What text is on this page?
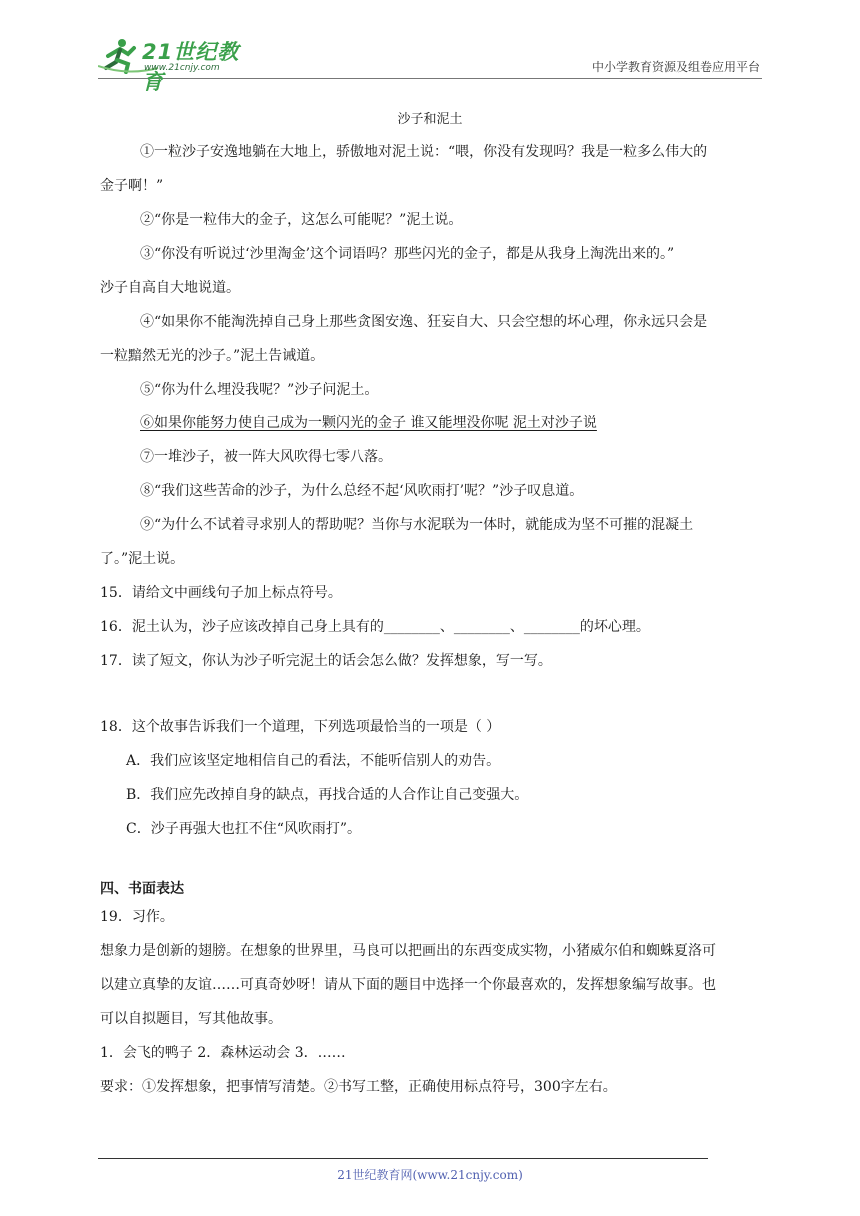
21世纪教育
www.21cnjy.com	中小学教育资源及组卷应用平台
沙子和泥土
①一粒沙子安逸地躺在大地上，骄傲地对泥土说：“喂，你没有发现吗？我是一粒多么伟大的
金子啊！”
②“你是一粒伟大的金子，这怎么可能呢？”泥土说。
③“你没有听说过‘沙里淘金’这个词语吗？那些闪光的金子，都是从我身上淘洗出来的。”
沙子自高自大地说道。
④“如果你不能淘洗掉自己身上那些贪图安逸、狂妄自大、只会空想的坏心理，你永远只会是
一粒黯然无光的沙子。”泥土告诫道。
⑤“你为什么埋没我呢？”沙子问泥土。
⑥如果你能努力使自己成为一颗闪光的金子 谁又能埋没你呢 泥土对沙子说
⑦一堆沙子，被一阵大风吹得七零八落。
⑧“我们这些苦命的沙子，为什么总经不起‘风吹雨打’呢？”沙子叹息道。
⑨“为什么不试着寻求别人的帮助呢？当你与水泥联为一体时，就能成为坚不可摧的混凝土
了。”泥土说。
15．请给文中画线句子加上标点符号。
16．泥土认为，沙子应该改掉自己身上具有的________、________、________的坏心理。
17．读了短文，你认为沙子听完泥土的话会怎么做？发挥想象，写一写。
18．这个故事告诉我们一个道理，下列选项最恰当的一项是（ ）
A．我们应该坚定地相信自己的看法，不能听信别人的劝告。
B．我们应先改掉自身的缺点，再找合适的人合作让自己变强大。
C．沙子再强大也扛不住“风吹雨打”。
四、书面表达
19．习作。
想象力是创新的翅膀。在想象的世界里，马良可以把画出的东西变成实物，小猪威尔伯和蜘蛛夏洛可
以建立真挚的友谊……可真奇妙呀！请从下面的题目中选择一个你最喜欢的，发挥想象编写故事。也
可以自拟题目，写其他故事。
1．会飞的鸭子 2．森林运动会 3．……
要求：①发挥想象，把事情写清楚。②书写工整，正确使用标点符号，300字左右。
21世纪教育网(www.21cnjy.com)
